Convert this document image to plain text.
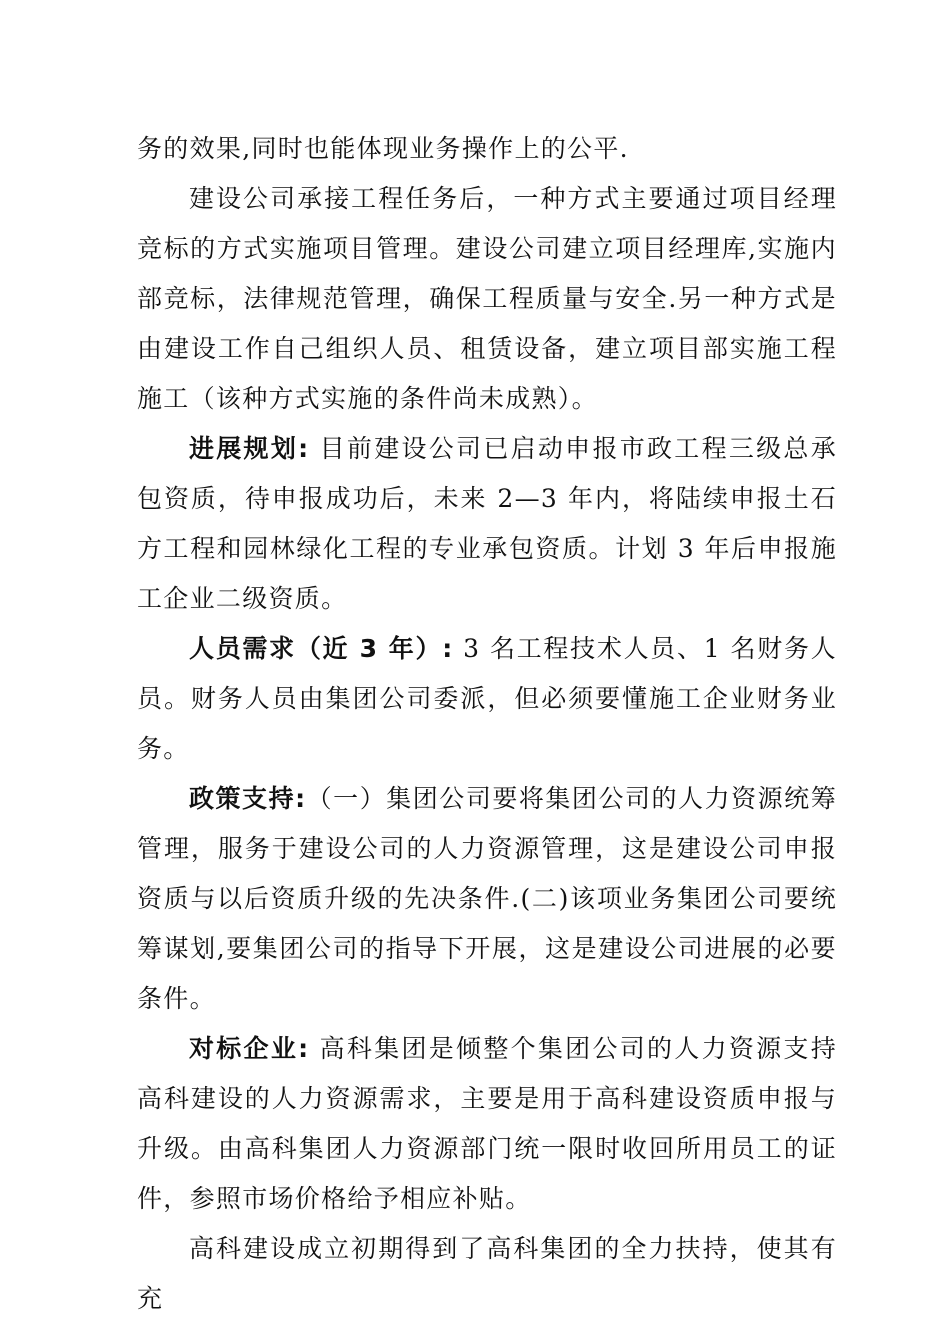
务的效果,同时也能体现业务操作上的公平.

建设公司承接工程任务后，一种方式主要通过项目经理竞标的方式实施项目管理。建设公司建立项目经理库,实施内部竞标，法律规范管理，确保工程质量与安全.另一种方式是由建设工作自己组织人员、租赁设备，建立项目部实施工程施工（该种方式实施的条件尚未成熟）。

进展规划: 目前建设公司已启动申报市政工程三级总承包资质，待申报成功后，未来 2—3 年内，将陆续申报土石方工程和园林绿化工程的专业承包资质。计划 3 年后申报施工企业二级资质。

人员需求（近 3 年）: 3 名工程技术人员、1 名财务人员。财务人员由集团公司委派，但必须要懂施工企业财务业务。

政策支持:（一）集团公司要将集团公司的人力资源统筹管理，服务于建设公司的人力资源管理，这是建设公司申报资质与以后资质升级的先决条件.(二)该项业务集团公司要统筹谋划,要集团公司的指导下开展，这是建设公司进展的必要条件。

对标企业: 高科集团是倾整个集团公司的人力资源支持高科建设的人力资源需求，主要是用于高科建设资质申报与升级。由高科集团人力资源部门统一限时收回所用员工的证件，参照市场价格给予相应补贴。

高科建设成立初期得到了高科集团的全力扶持，使其有充
